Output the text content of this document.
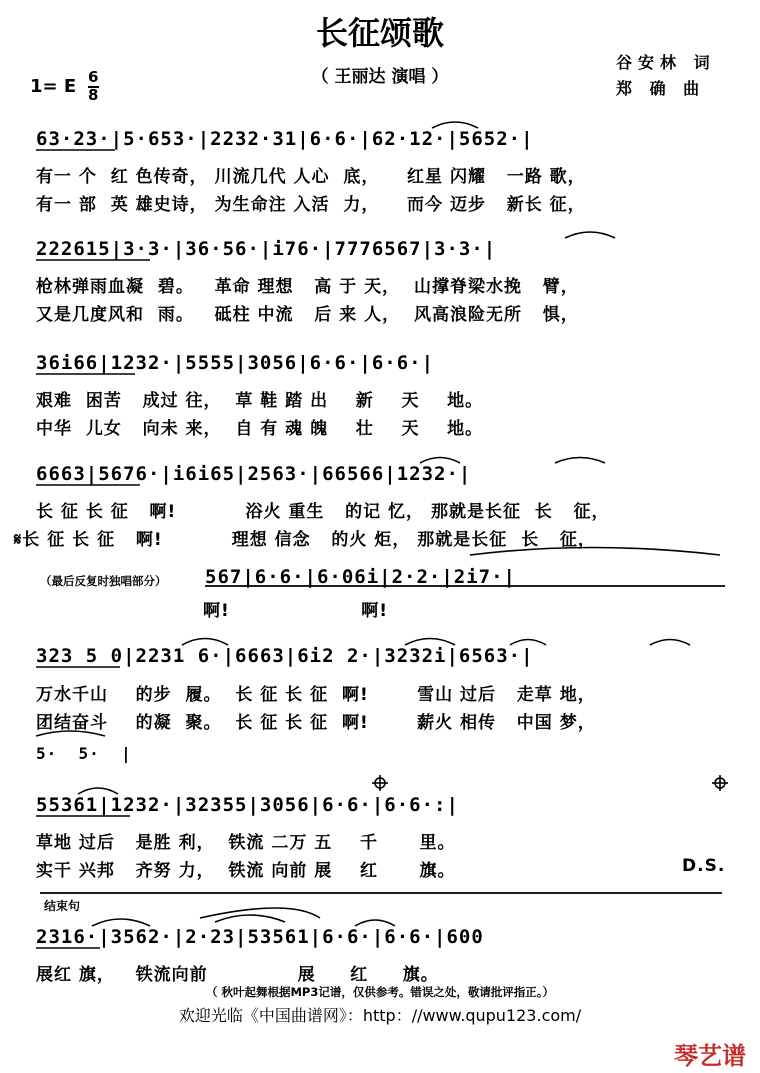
长征颂歌
（ 王丽达 演唱 ）
谷安林 词
郑 确 曲
1= E 6
8
63·23·|5·653·|2232·31|6·6·|62·12·|5652·|
有一 个  红 色传奇， 川流几代 人心  底，    红星 闪耀   一路 歌，
有一 部  英 雄史诗， 为生命注 入活  力，    而今 迈步   新长 征，
222615|3·3·|36·56·|i76·|7776567|3·3·|
枪林弹雨血凝  碧。   革命 理想   高 于 天，  山撑脊梁水挽   臂，
又是几度风和  雨。   砥柱 中流   后 来 人，  风高浪险无所   惧，
36i66|1232·|5555|3056|6·6·|6·6·|
艰难  困苦   成过 往，  草 鞋 踏 出    新    天    地。
中华  儿女   向未 来，  自 有 魂 魄    壮    天    地。
6663|5676·|i6i65|2563·|66566|1232·|
长 征 长 征   啊!          浴火 重生   的记 忆， 那就是长征  长   征，
𝄋长 征 长 征   啊!          理想 信念   的火 炬， 那就是长征  长   征，
（最后反复时独唱部分） 567|6·6·|6·06i|2·2·|2i7·|
啊!                   啊!
323 5 0|2231 6·|6663|6i2 2·|3232i|6563·|
万水千山    的步  履。  长 征 长 征  啊!       雪山 过后   走草 地，
团结奋斗    的凝  聚。  长 征 长 征  啊!       薪火 相传   中国 梦，
5·  5·  |
55361|1232·|32355|3056|6·6·|6·6·:|
草地 过后   是胜 利，  铁流 二万 五    千      里。
实干 兴邦   齐努 力，  铁流 向前 展    红      旗。	D.S.
结束句
2316·|3562·|2·23|53561|6·6·|6·6·|600
展红 旗，   铁流向前             展     红     旗。
（ 秋叶起舞根据MP3记谱，仅供参考。错误之处，敬请批评指正。）
欢迎光临《中国曲谱网》：http：//www.qupu123.com/
琴艺谱
